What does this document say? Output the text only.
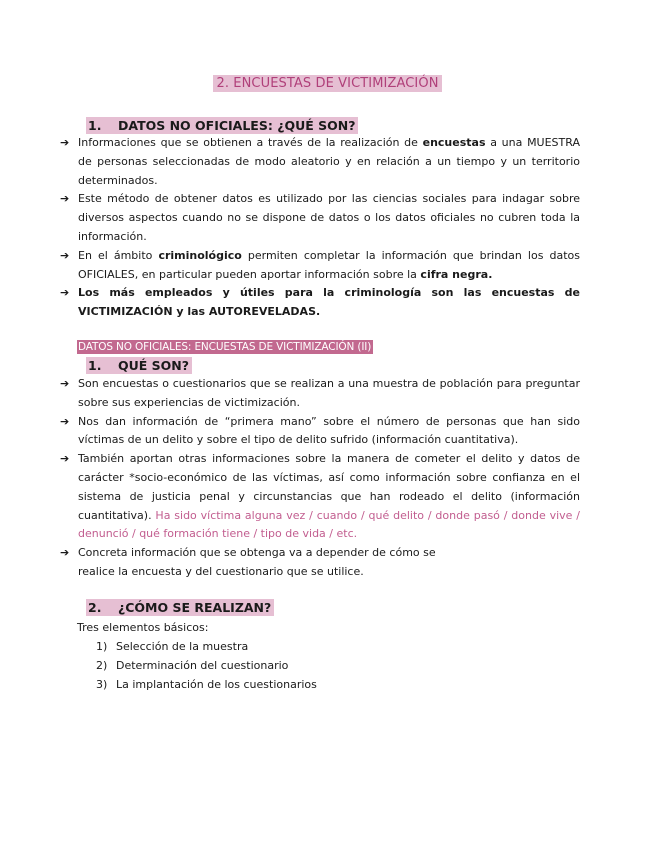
2. ENCUESTAS DE VICTIMIZACIÓN
1. DATOS NO OFICIALES: ¿QUÉ SON?
➔ Informaciones que se obtienen a través de la realización de encuestas a una MUESTRA de personas seleccionadas de modo aleatorio y en relación a un tiempo y un territorio determinados.
➔ Este método de obtener datos es utilizado por las ciencias sociales para indagar sobre diversos aspectos cuando no se dispone de datos o los datos oficiales no cubren toda la información.
➔ En el ámbito criminológico permiten completar la información que brindan los datos OFICIALES, en particular pueden aportar información sobre la cifra negra.
➔ Los más empleados y útiles para la criminología son las encuestas de VICTIMIZACIÓN y las AUTOREVELADAS.
DATOS NO OFICIALES: ENCUESTAS DE VICTIMIZACIÓN (II)
1. QUÉ SON?
➔ Son encuestas o cuestionarios que se realizan a una muestra de población para preguntar sobre sus experiencias de victimización.
➔ Nos dan información de “primera mano” sobre el número de personas que han sido víctimas de un delito y sobre el tipo de delito sufrido (información cuantitativa).
➔ También aportan otras informaciones sobre la manera de cometer el delito y datos de carácter *socio-económico de las víctimas, así como información sobre confianza en el sistema de justicia penal y circunstancias que han rodeado el delito (información cuantitativa). Ha sido víctima alguna vez / cuando / qué delito / donde pasó / donde vive / denunció / qué formación tiene / tipo de vida / etc.
➔ Concreta información que se obtenga va a depender de cómo se realice la encuesta y del cuestionario que se utilice.
2. ¿CÓMO SE REALIZAN?
Tres elementos básicos:
1) Selección de la muestra
2) Determinación del cuestionario
3) La implantación de los cuestionarios
